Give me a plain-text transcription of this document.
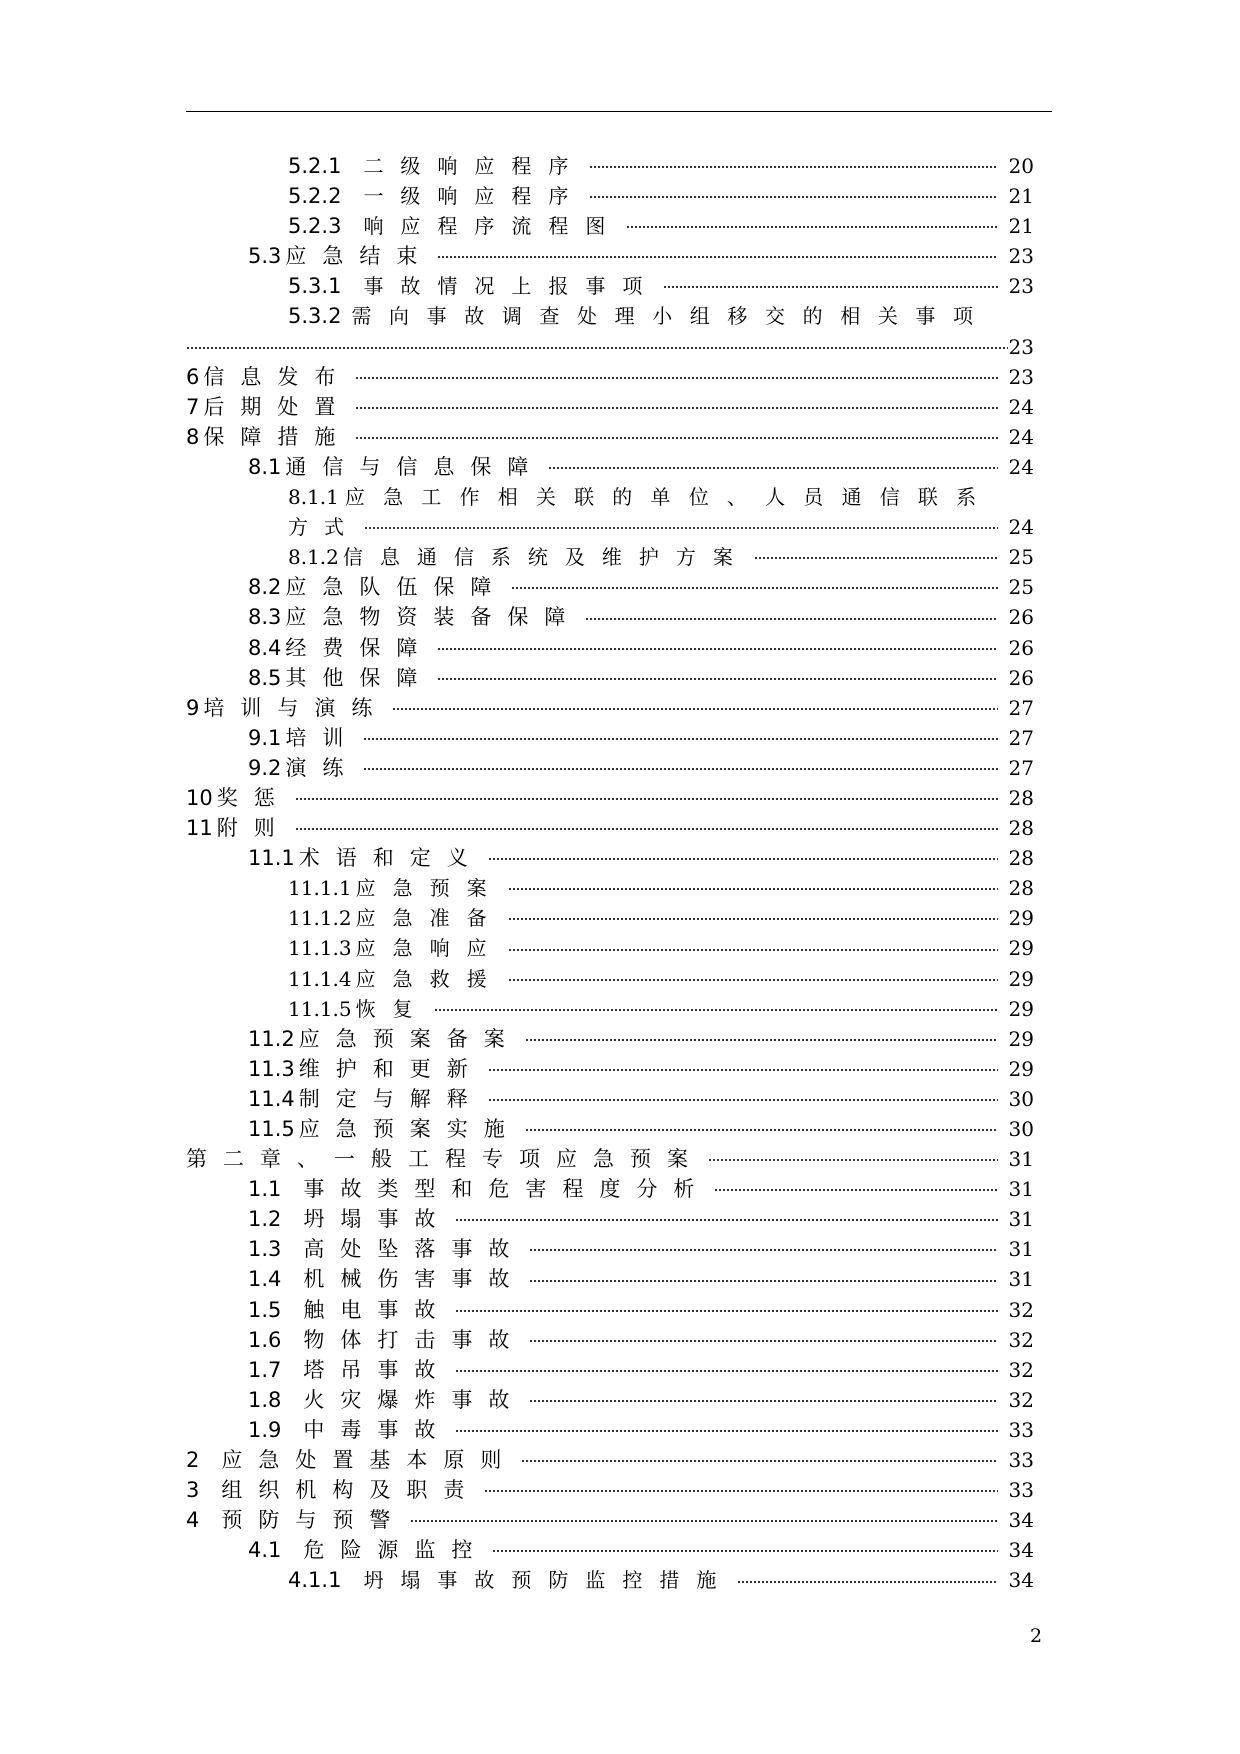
5.2.1 二级响应程序	20
5.2.2 一级响应程序	21
5.2.3 响应程序流程图	21
5.3 应急结束	23
5.3.1 事故情况上报事项	23
5.3.2 需向事故调查处理小组移交的相关事项
23
6 信息发布	23
7 后期处置	24
8 保障措施	24
8.1 通信与信息保障	24
8.1.1 应急工作相关联的单位、人员通信联系
方式	24
8.1.2 信息通信系统及维护方案	25
8.2 应急队伍保障	25
8.3 应急物资装备保障	26
8.4 经费保障	26
8.5 其他保障	26
9 培训与演练	27
9.1 培训	27
9.2 演练	27
10 奖惩	28
11 附则	28
11.1 术语和定义	28
11.1.1 应急预案	28
11.1.2 应急准备	29
11.1.3 应急响应	29
11.1.4 应急救援	29
11.1.5 恢复	29
11.2 应急预案备案	29
11.3 维护和更新	29
11.4 制定与解释	30
11.5 应急预案实施	30
第二章、一般工程专项应急预案	31
1.1 事故类型和危害程度分析	31
1.2 坍塌事故	31
1.3 高处坠落事故	31
1.4 机械伤害事故	31
1.5 触电事故	32
1.6 物体打击事故	32
1.7 塔吊事故	32
1.8 火灾爆炸事故	32
1.9 中毒事故	33
2 应急处置基本原则	33
3 组织机构及职责	33
4 预防与预警	34
4.1 危险源监控	34
4.1.1 坍塌事故预防监控措施	34
2
